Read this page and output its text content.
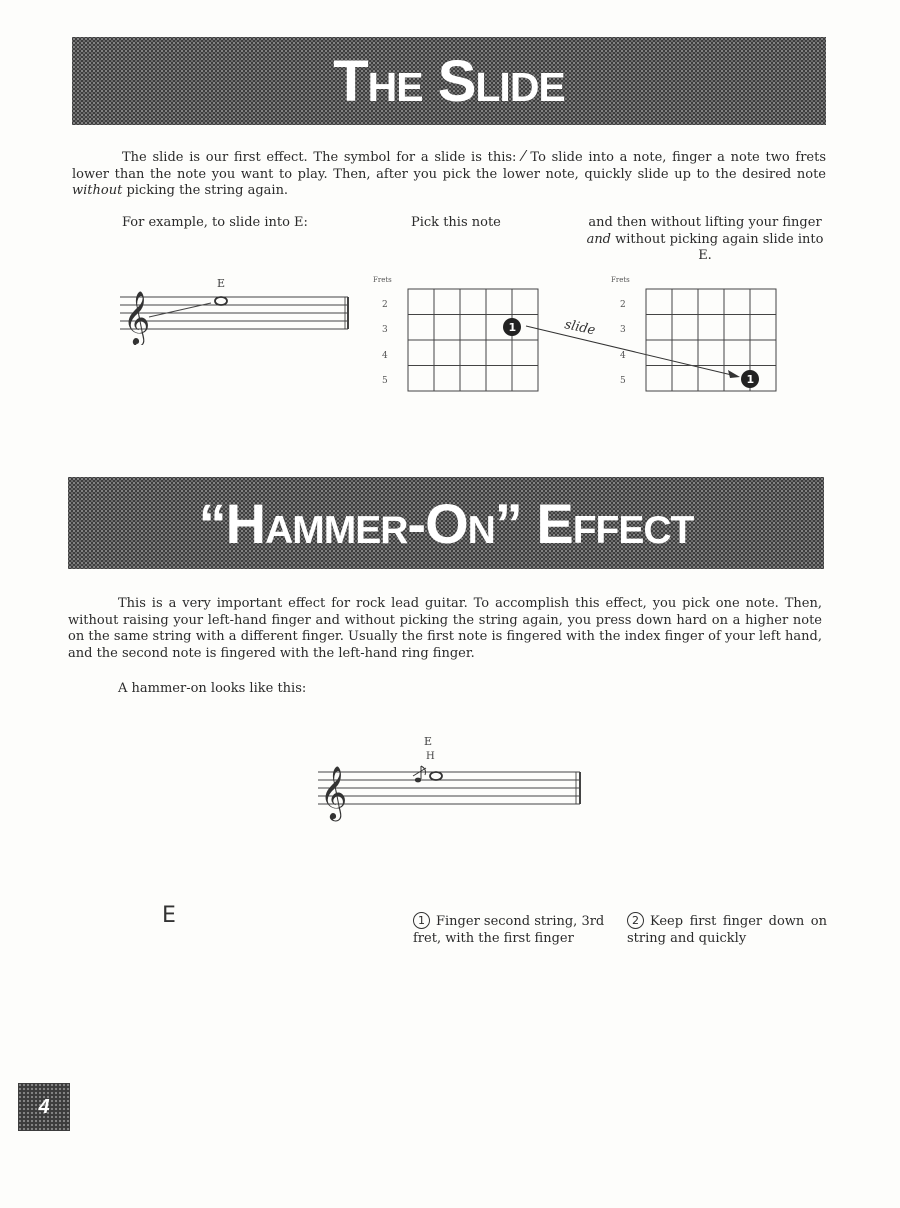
The Slide

The slide is our first effect. The symbol for a slide is this: ⁄ To slide into a note, finger a note two frets lower than the note you want to play. Then, after you pick the lower note, quickly slide up to the desired note without picking the string again.

For example, to slide into E:	Pick this note	and then without lifting your finger and without picking again slide into E.

𝄞
E	Frets
2
3
4
5
1	slide
Frets
2
3
4
5	1
“Hammer-On” Effect

This is a very important effect for rock lead guitar. To accomplish this effect, you pick one note. Then, without raising your left-hand finger and without picking the string again, you press down hard on a higher note on the same string with a different finger. Usually the first note is fingered with the index finger of your left hand, and the second note is fingered with the left-hand ring finger.

A hammer-on looks like this:

𝄞
E
H
E	1 Finger second string, 3rd fret, with the first finger
2 Keep first finger down on string and quickly
4
